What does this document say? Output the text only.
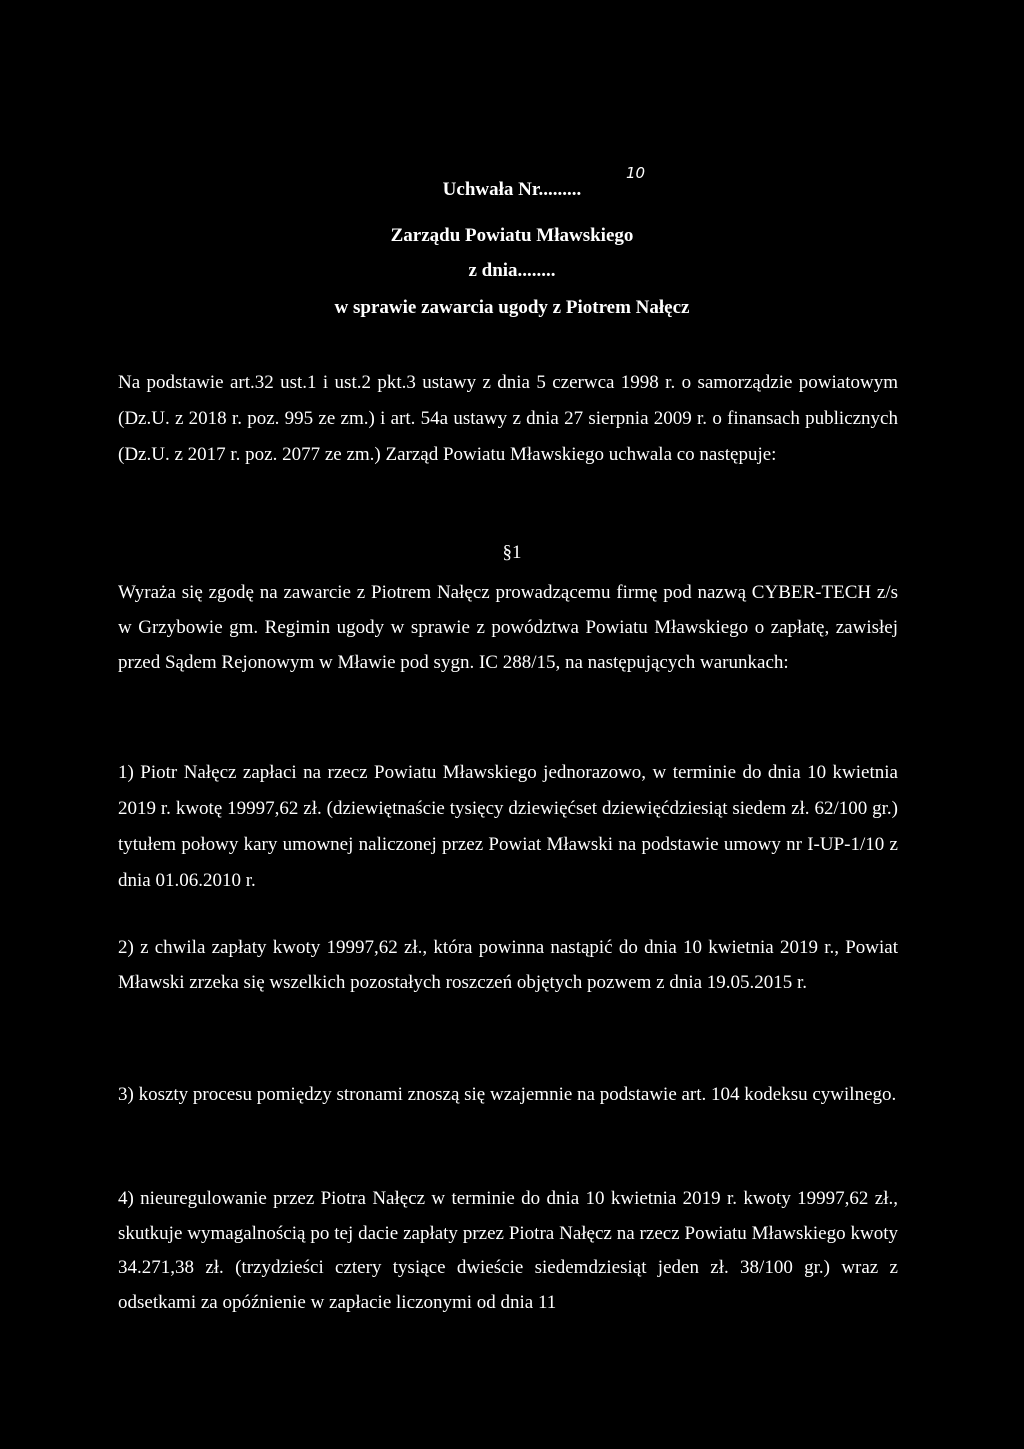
Uchwała Nr.........
10
Zarządu Powiatu Mławskiego
z dnia........
w sprawie zawarcia ugody z Piotrem Nałęcz

Na podstawie art.32 ust.1 i ust.2 pkt.3 ustawy z dnia 5 czerwca 1998 r. o samorządzie powiatowym (Dz.U. z 2018 r. poz. 995 ze zm.) i art. 54a ustawy z dnia 27 sierpnia 2009 r. o finansach publicznych (Dz.U. z 2017 r. poz. 2077 ze zm.) Zarząd Powiatu Mławskiego uchwala co następuje:

§1

Wyraża się zgodę na zawarcie z Piotrem Nałęcz prowadzącemu firmę pod nazwą CYBER-TECH z/s w Grzybowie gm. Regimin ugody w sprawie z powództwa Powiatu Mławskiego o zapłatę, zawisłej przed Sądem Rejonowym w Mławie pod sygn. IC 288/15, na następujących warunkach:

1) Piotr Nałęcz zapłaci na rzecz Powiatu Mławskiego jednorazowo, w terminie do dnia 10 kwietnia 2019 r. kwotę 19997,62 zł. (dziewiętnaście tysięcy dziewięćset dziewięćdziesiąt siedem zł. 62/100 gr.) tytułem połowy kary umownej naliczonej przez Powiat Mławski na podstawie umowy nr I-UP-1/10 z dnia 01.06.2010 r.

2) z chwila zapłaty kwoty 19997,62 zł., która powinna nastąpić do dnia 10 kwietnia 2019 r., Powiat Mławski zrzeka się wszelkich pozostałych roszczeń objętych pozwem z dnia 19.05.2015 r.

3) koszty procesu pomiędzy stronami znoszą się wzajemnie na podstawie art. 104 kodeksu cywilnego.

4) nieuregulowanie przez Piotra Nałęcz w terminie do dnia 10 kwietnia 2019 r. kwoty 19997,62 zł., skutkuje wymagalnością po tej dacie zapłaty przez Piotra Nałęcz na rzecz Powiatu Mławskiego kwoty 34.271,38 zł. (trzydzieści cztery tysiące dwieście siedemdziesiąt jeden zł. 38/100 gr.) wraz z odsetkami za opóźnienie w zapłacie liczonymi od dnia 11
